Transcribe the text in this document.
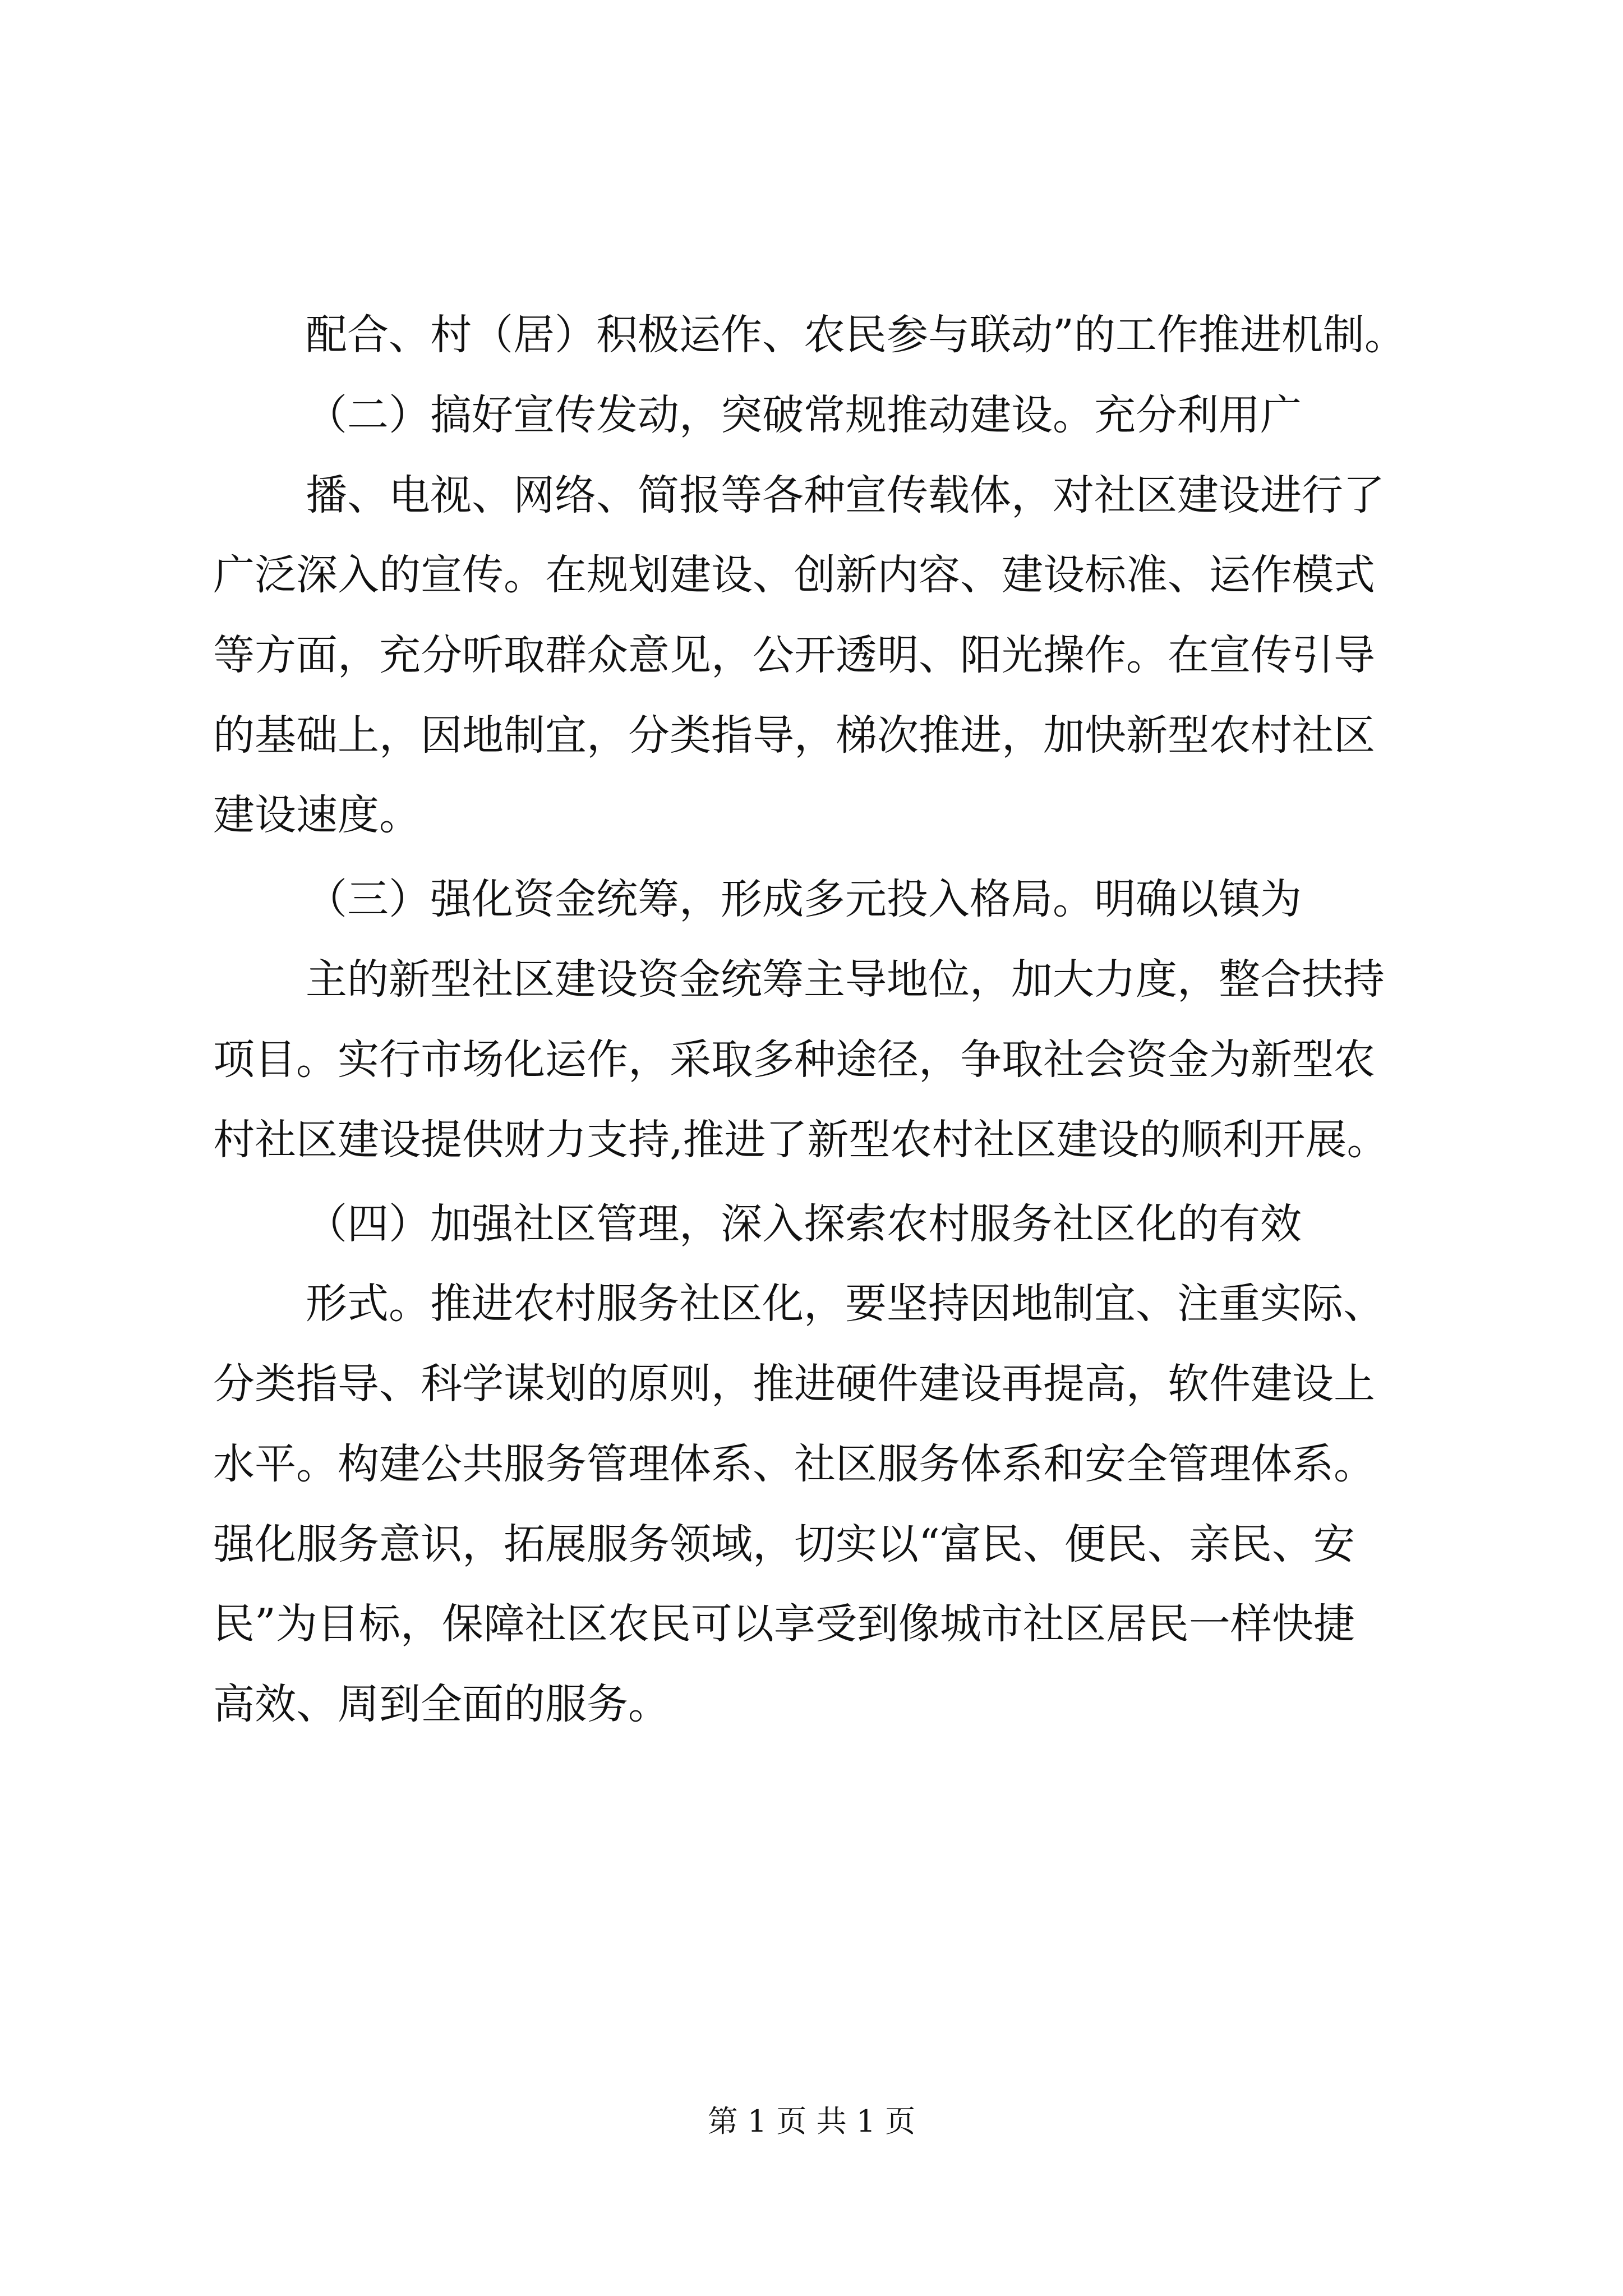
配合、村（居）积极运作、农民参与联动”的工作推进机制。
（二）搞好宣传发动，突破常规推动建设。充分利用广
播、电视、网络、简报等各种宣传载体，对社区建设进行了
广泛深入的宣传。在规划建设、创新内容、建设标准、运作模式
等方面，充分听取群众意见，公开透明、阳光操作。在宣传引导
的基础上，因地制宜，分类指导，梯次推进，加快新型农村社区
建设速度。
（三）强化资金统筹，形成多元投入格局。明确以镇为
主的新型社区建设资金统筹主导地位，加大力度，整合扶持
项目。实行市场化运作，采取多种途径，争取社会资金为新型农
村社区建设提供财力支持,推进了新型农村社区建设的顺利开展。
（四）加强社区管理，深入探索农村服务社区化的有效
形式。推进农村服务社区化，要坚持因地制宜、注重实际、
分类指导、科学谋划的原则，推进硬件建设再提高，软件建设上
水平。构建公共服务管理体系、社区服务体系和安全管理体系。
强化服务意识，拓展服务领域，切实以“富民、便民、亲民、安
民”为目标，保障社区农民可以享受到像城市社区居民一样快捷
高效、周到全面的服务。
第 1 页 共 1 页
